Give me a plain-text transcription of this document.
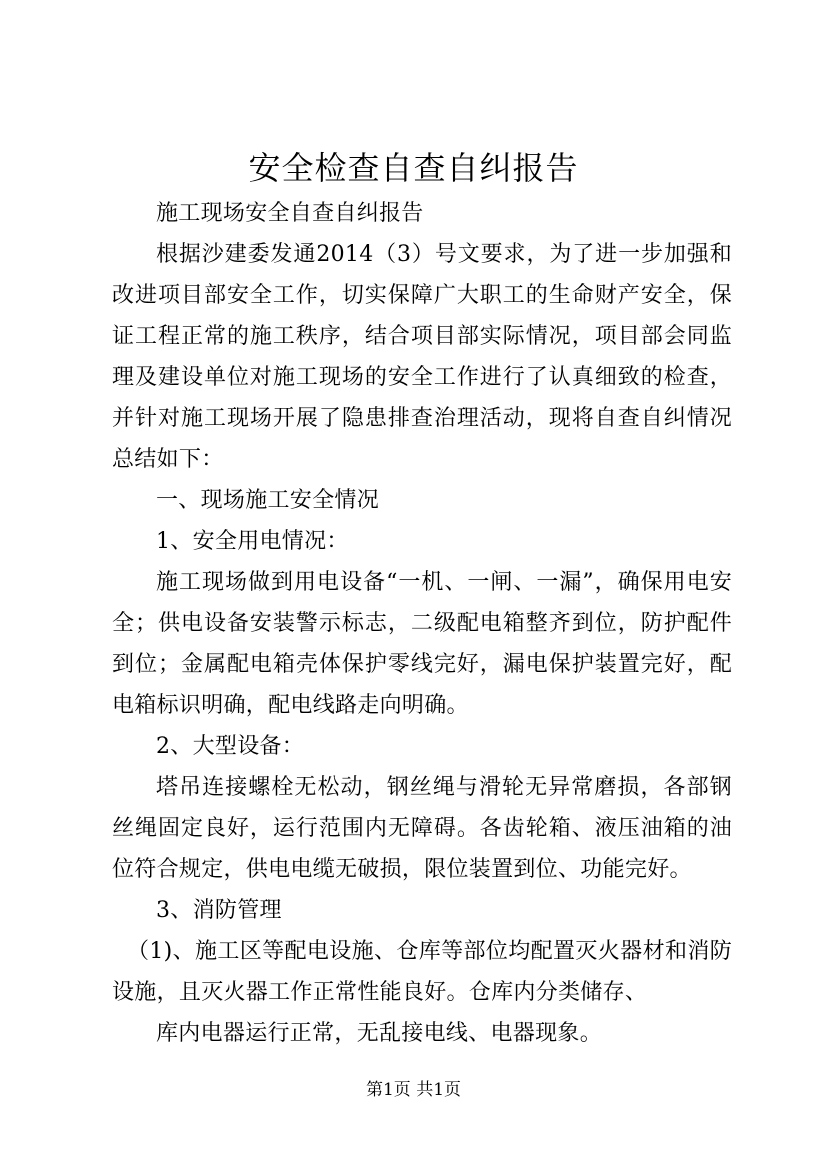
安全检查自查自纠报告

施工现场安全自查自纠报告

根据沙建委发通2014（3）号文要求，为了进一步加强和改进项目部安全工作，切实保障广大职工的生命财产安全，保证工程正常的施工秩序，结合项目部实际情况，项目部会同监理及建设单位对施工现场的安全工作进行了认真细致的检查，并针对施工现场开展了隐患排查治理活动，现将自查自纠情况总结如下：

一、现场施工安全情况

1、安全用电情况：

施工现场做到用电设备“一机、一闸、一漏”，确保用电安全；供电设备安装警示标志，二级配电箱整齐到位，防护配件到位；金属配电箱壳体保护零线完好，漏电保护装置完好，配电箱标识明确，配电线路走向明确。

2、大型设备：

塔吊连接螺栓无松动，钢丝绳与滑轮无异常磨损，各部钢丝绳固定良好，运行范围内无障碍。各齿轮箱、液压油箱的油位符合规定，供电电缆无破损，限位装置到位、功能完好。

3、消防管理

（1)、施工区等配电设施、仓库等部位均配置灭火器材和消防设施，且灭火器工作正常性能良好。仓库内分类储存、

库内电器运行正常，无乱接电线、电器现象。

第1页 共1页
